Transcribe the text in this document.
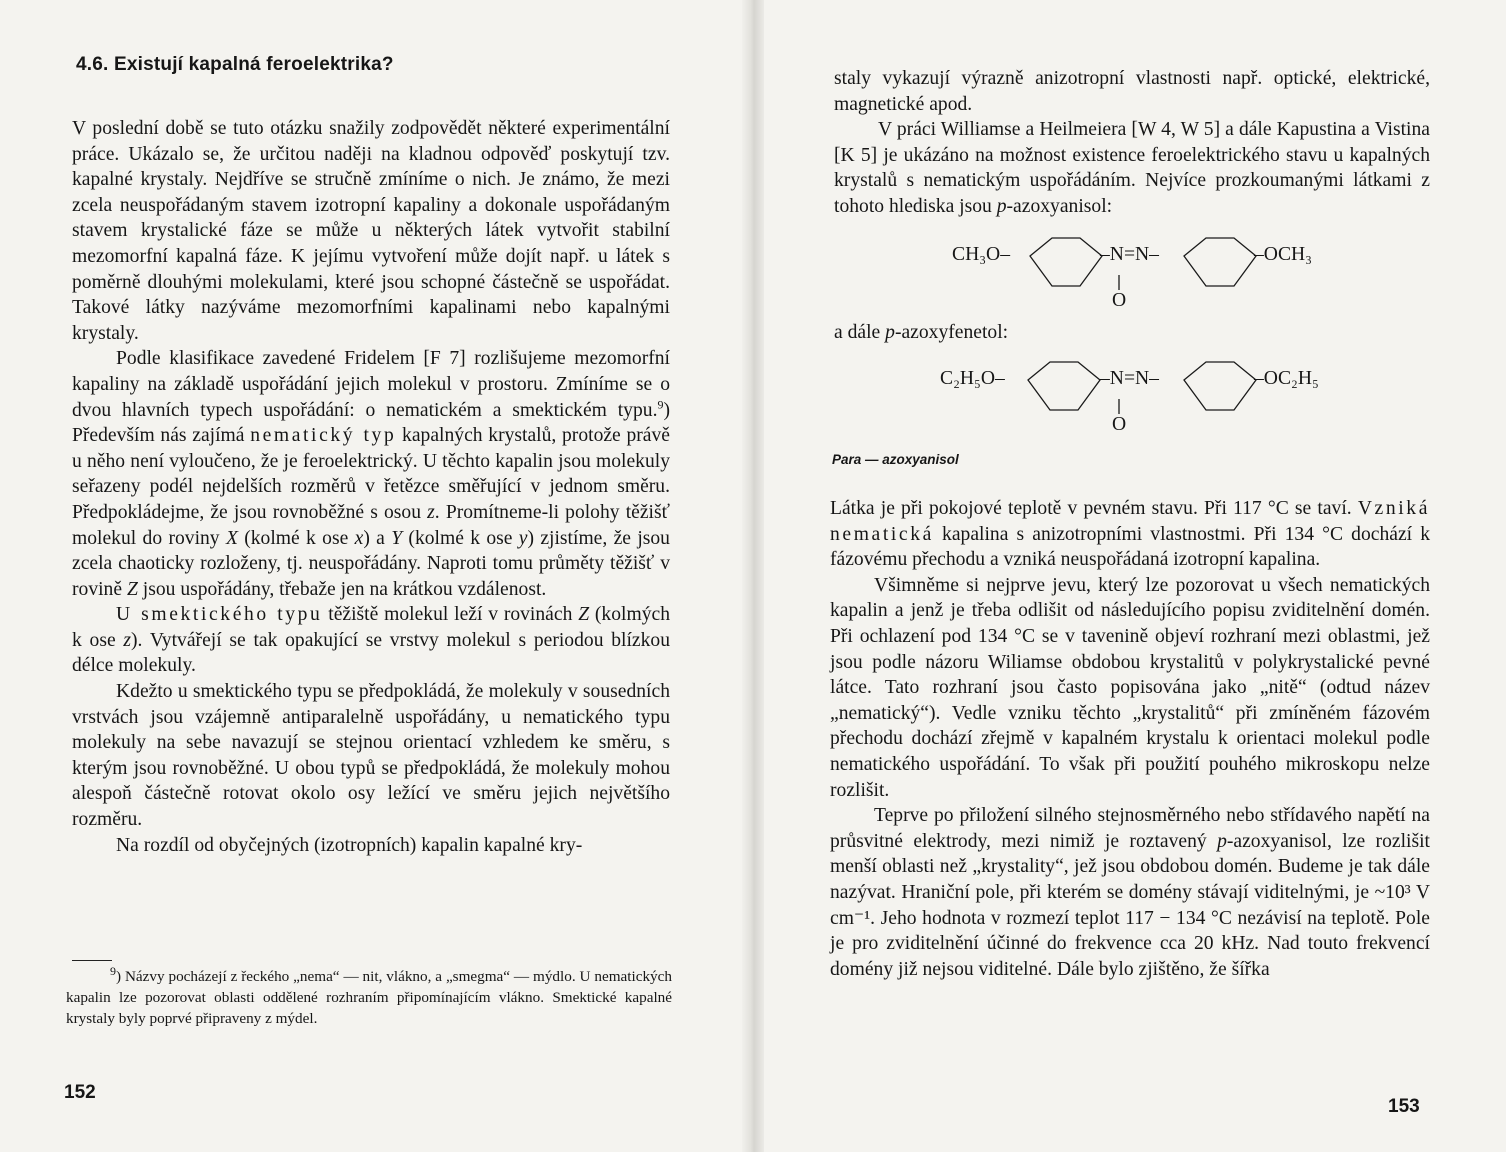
4.6. Existují kapalná feroelektrika?

V poslední době se tuto otázku snažily zodpovědět některé experimentální práce. Ukázalo se, že určitou naději na kladnou odpověď poskytují tzv. kapalné krystaly. Nejdříve se stručně zmíníme o nich. Je známo, že mezi zcela neuspořádaným stavem izotropní kapaliny a dokonale uspořádaným stavem krystalické fáze se může u některých látek vytvořit stabilní mezomorfní kapalná fáze. K jejímu vytvoření může dojít např. u látek s poměrně dlouhými molekulami, které jsou schopné částečně se uspořádat. Takové látky nazýváme mezomorfními kapalinami nebo kapalnými krystaly.

Podle klasifikace zavedené Fridelem [F 7] rozlišujeme mezomorfní kapaliny na základě uspořádání jejich molekul v prostoru. Zmíníme se o dvou hlavních typech uspořádání: o nematickém a smektickém typu.$^9$) Především nás zajímá nematický typ kapalných krystalů, protože právě u něho není vyloučeno, že je feroelektrický. U těchto kapalin jsou molekuly seřazeny podél nejdelších rozměrů v řetězce směřující v jednom směru. Předpokládejme, že jsou rovnoběžné s osou z. Promítneme-li polohy těžišť molekul do roviny X (kolmé k ose x) a Y (kolmé k ose y) zjistíme, že jsou zcela chaoticky rozloženy, tj. neuspořádány. Naproti tomu průměty těžišť v rovině Z jsou uspořádány, třebaže jen na krátkou vzdálenost.

U smektického typu těžiště molekul leží v rovinách Z (kolmých k ose z). Vytvářejí se tak opakující se vrstvy molekul s periodou blízkou délce molekuly.

Kdežto u smektického typu se předpokládá, že molekuly v sousedních vrstvách jsou vzájemně antiparalelně uspořádány, u nematického typu molekuly na sebe navazují se stejnou orientací vzhledem ke směru, s kterým jsou rovnoběžné. U obou typů se předpokládá, že molekuly mohou alespoň částečně rotovat okolo osy ležící ve směru jejich největšího rozměru.

Na rozdíl od obyčejných (izotropních) kapalin kapalné kry-

$^9$) Názvy pocházejí z řeckého „nema“ — nit, vlákno, a „smegma“ — mýdlo. U nematických kapalin lze pozorovat oblasti oddělené rozhraním připomínajícím vlákno. Smektické kapalné krystaly byly poprvé připraveny z mýdel.

152

staly vykazují výrazně anizotropní vlastnosti např. optické, elektrické, magnetické apod.

V práci Williamse a Heilmeiera [W 4, W 5] a dále Kapustina a Vistina [K 5] je ukázáno na možnost existence feroelektrického stavu u kapalných krystalů s nematickým uspořádáním. Nejvíce prozkoumanými látkami z tohoto hlediska jsou p-azoxyanisol:

CH₃O–	–N=N–	–OCH₃
O

a dále p-azoxyfenetol:

C₂H₅O–	–N=N–	–OC₂H₅
O
Para — azoxyanisol

Látka je při pokojové teplotě v pevném stavu. Při 117 °C se taví. Vzniká nematická kapalina s anizotropními vlastnostmi. Při 134 °C dochází k fázovému přechodu a vzniká neuspořádaná izotropní kapalina.

Všimněme si nejprve jevu, který lze pozorovat u všech nematických kapalin a jenž je třeba odlišit od následujícího popisu zviditelnění domén. Při ochlazení pod 134 °C se v tavenině objeví rozhraní mezi oblastmi, jež jsou podle názoru Wiliamse obdobou krystalitů v polykrystalické pevné látce. Tato rozhraní jsou často popisována jako „nitě“ (odtud název „nematický“). Vedle vzniku těchto „krystalitů“ při zmíněném fázovém přechodu dochází zřejmě v kapalném krystalu k orientaci molekul podle nematického uspořádání. To však při použití pouhého mikroskopu nelze rozlišit.

Teprve po přiložení silného stejnosměrného nebo střídavého napětí na průsvitné elektrody, mezi nimiž je roztavený p-azoxyanisol, lze rozlišit menší oblasti než „krystality“, jež jsou obdobou domén. Budeme je tak dále nazývat. Hraniční pole, při kterém se domény stávají viditelnými, je ~10³ V cm⁻¹. Jeho hodnota v rozmezí teplot 117 − 134 °C nezávisí na teplotě. Pole je pro zviditelnění účinné do frekvence cca 20 kHz. Nad touto frekvencí domény již nejsou viditelné. Dále bylo zjištěno, že šířka

153
